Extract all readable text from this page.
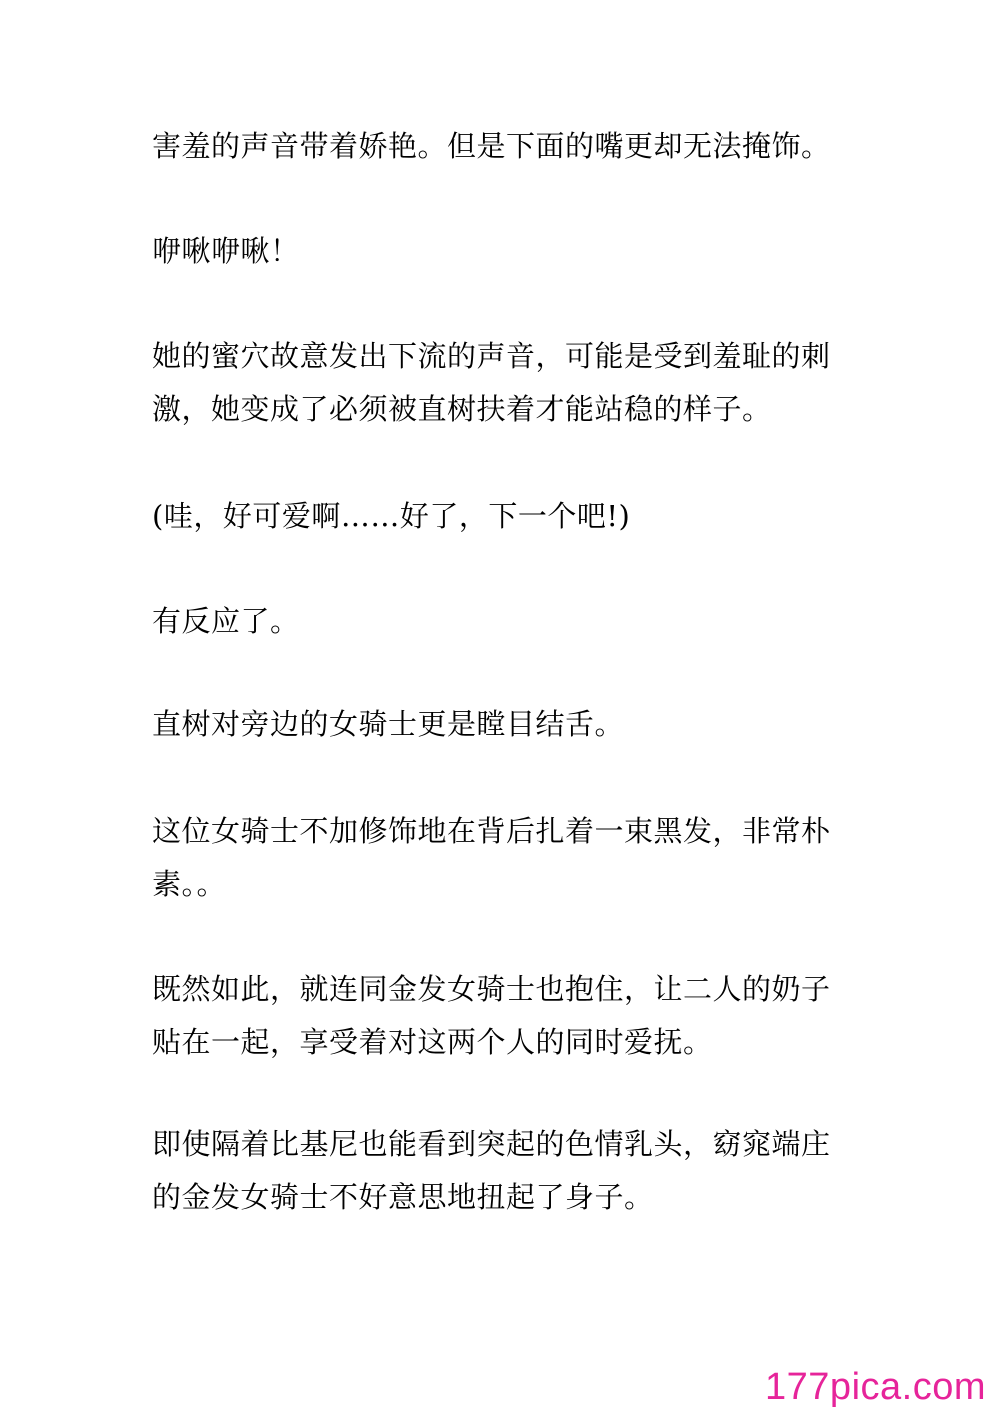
害羞的声音带着娇艳。但是下面的嘴更却无法掩饰。

咿啾咿啾！

她的蜜穴故意发出下流的声音，可能是受到羞耻的刺激，她变成了必须被直树扶着才能站稳的样子。

(哇，好可爱啊……好了，下一个吧!)

有反应了。

直树对旁边的女骑士更是瞠目结舌。

这位女骑士不加修饰地在背后扎着一束黑发，非常朴素。。

既然如此，就连同金发女骑士也抱住，让二人的奶子贴在一起，享受着对这两个人的同时爱抚。

即使隔着比基尼也能看到突起的色情乳头，窈窕端庄的金发女骑士不好意思地扭起了身子。

177pica.com
